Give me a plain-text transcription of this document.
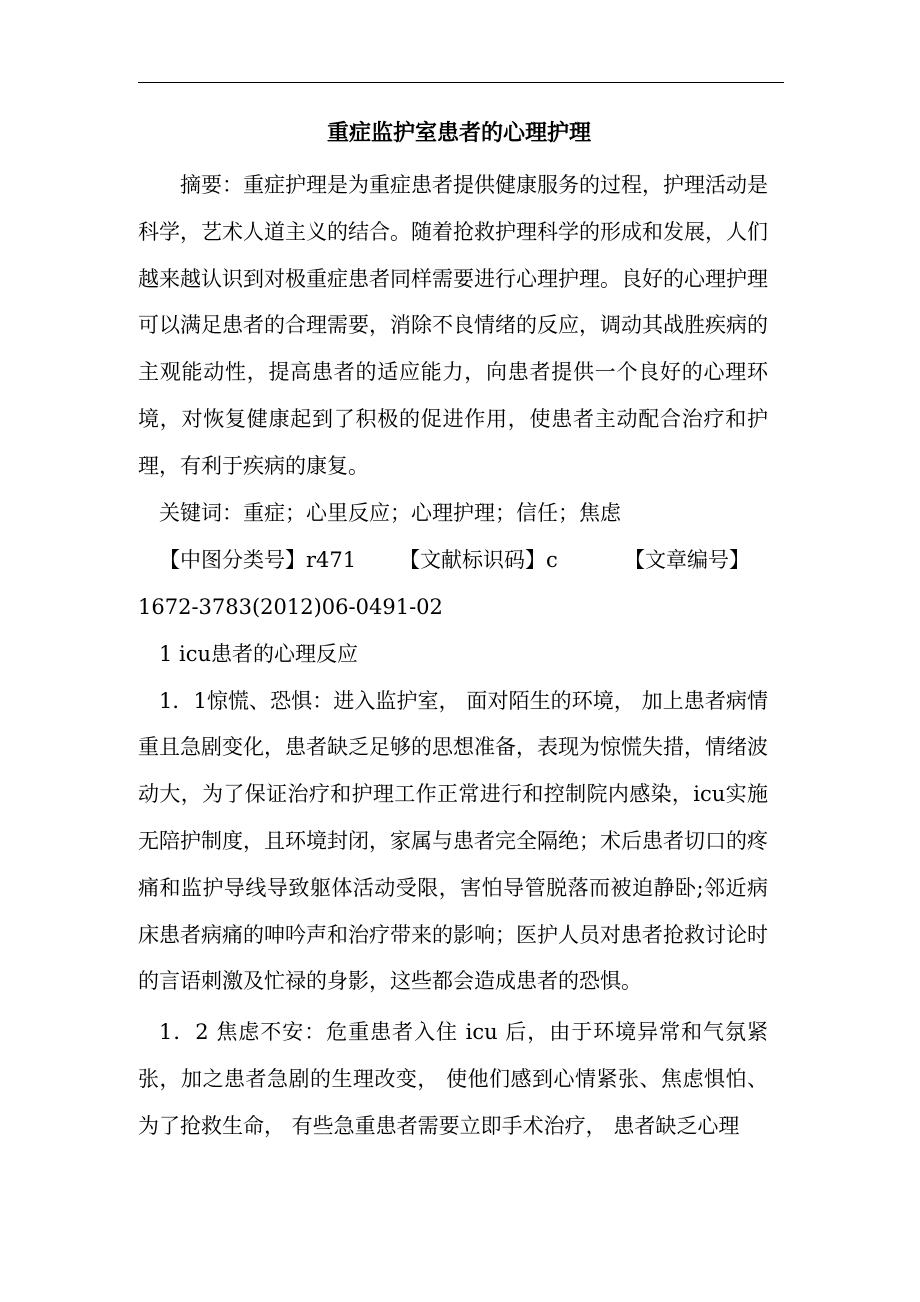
重症监护室患者的心理护理

摘要：重症护理是为重症患者提供健康服务的过程，护理活动是科学，艺术人道主义的结合。随着抢救护理科学的形成和发展，人们越来越认识到对极重症患者同样需要进行心理护理。良好的心理护理可以满足患者的合理需要，消除不良情绪的反应，调动其战胜疾病的主观能动性，提高患者的适应能力，向患者提供一个良好的心理环境，对恢复健康起到了积极的促进作用，使患者主动配合治疗和护理，有利于疾病的康复。

关键词：重症；心里反应；心理护理；信任；焦虑

【中图分类号】r471 【文献标识码】c	【文章编号】

1672-3783(2012)06-0491-02

1 icu患者的心理反应

1．1惊慌、恐惧：进入监护室， 面对陌生的环境， 加上患者病情重且急剧变化，患者缺乏足够的思想准备，表现为惊慌失措，情绪波动大，为了保证治疗和护理工作正常进行和控制院内感染，icu实施无陪护制度，且环境封闭，家属与患者完全隔绝；术后患者切口的疼痛和监护导线导致躯体活动受限，害怕导管脱落而被迫静卧;邻近病床患者病痛的呻吟声和治疗带来的影响；医护人员对患者抢救讨论时的言语刺激及忙禄的身影，这些都会造成患者的恐惧。

1．2 焦虑不安：危重患者入住 icu 后，由于环境异常和气氛紧张，加之患者急剧的生理改变， 使他们感到心情紧张、焦虑惧怕、为了抢救生命， 有些急重患者需要立即手术治疗， 患者缺乏心理
